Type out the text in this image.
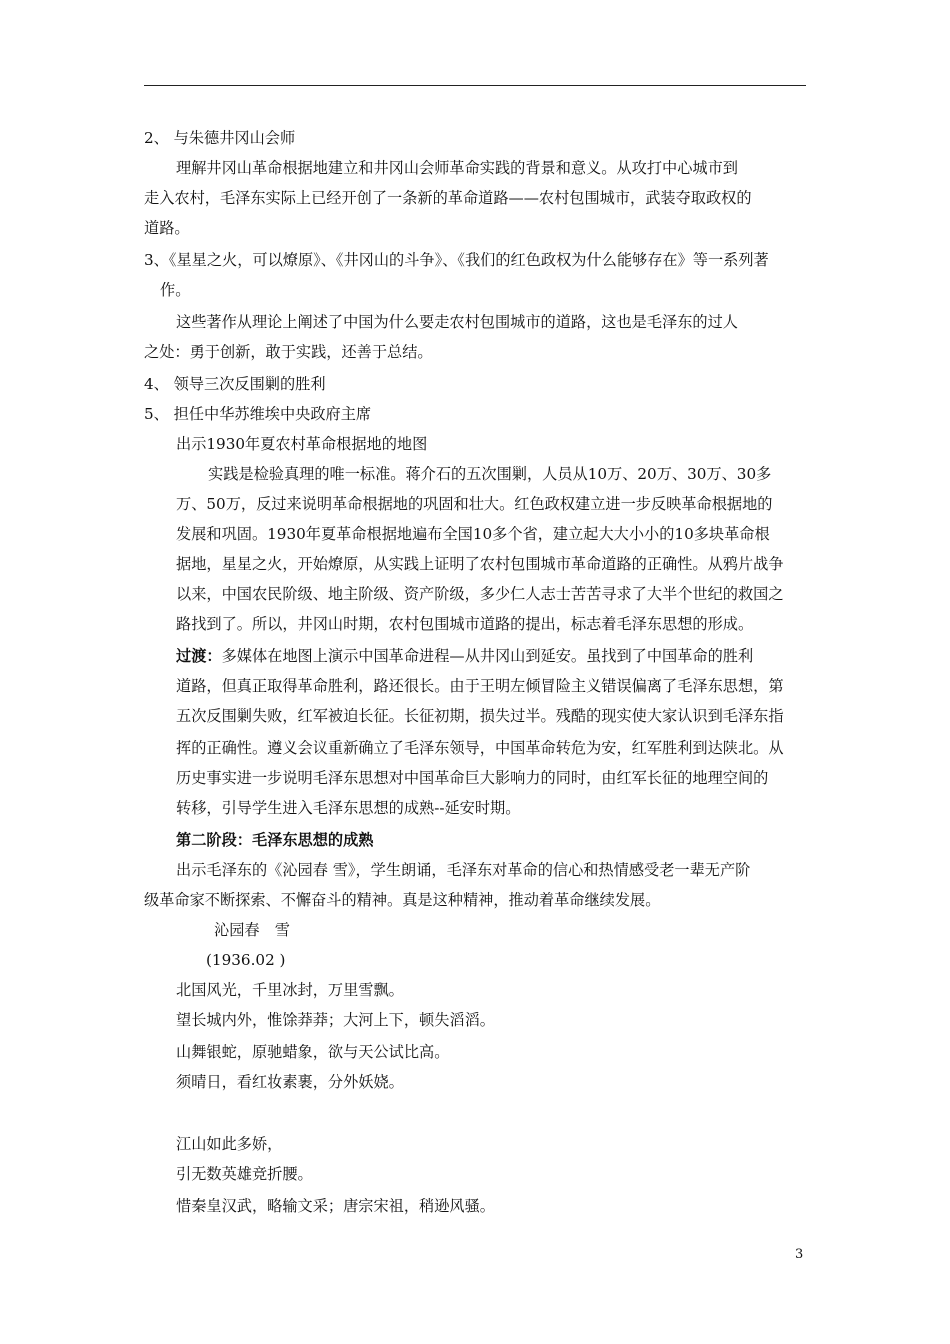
2、 与朱德井冈山会师
理解井冈山革命根据地建立和井冈山会师革命实践的背景和意义。从攻打中心城市到
走入农村，毛泽东实际上已经开创了一条新的革命道路——农村包围城市，武装夺取政权的
道路。
3、《星星之火，可以燎原》、《井冈山的斗争》、《我们的红色政权为什么能够存在》等一系列著
作。
这些著作从理论上阐述了中国为什么要走农村包围城市的道路，这也是毛泽东的过人
之处：勇于创新，敢于实践，还善于总结。
4、 领导三次反围剿的胜利
5、 担任中华苏维埃中央政府主席
出示1930年夏农村革命根据地的地图
实践是检验真理的唯一标准。蒋介石的五次围剿，人员从10万、20万、30万、30多
万、50万，反过来说明革命根据地的巩固和壮大。红色政权建立进一步反映革命根据地的
发展和巩固。1930年夏革命根据地遍布全国10多个省，建立起大大小小的10多块革命根
据地，星星之火，开始燎原，从实践上证明了农村包围城市革命道路的正确性。从鸦片战争
以来，中国农民阶级、地主阶级、资产阶级，多少仁人志士苦苦寻求了大半个世纪的救国之
路找到了。所以，井冈山时期，农村包围城市道路的提出，标志着毛泽东思想的形成。
过渡：多媒体在地图上演示中国革命进程—从井冈山到延安。虽找到了中国革命的胜利
道路，但真正取得革命胜利，路还很长。由于王明左倾冒险主义错误偏离了毛泽东思想，第
五次反围剿失败，红军被迫长征。长征初期，损失过半。残酷的现实使大家认识到毛泽东指
挥的正确性。遵义会议重新确立了毛泽东领导，中国革命转危为安，红军胜利到达陕北。从
历史事实进一步说明毛泽东思想对中国革命巨大影响力的同时，由红军长征的地理空间的
转移，引导学生进入毛泽东思想的成熟--延安时期。
第二阶段：毛泽东思想的成熟
出示毛泽东的《沁园春 雪》，学生朗诵，毛泽东对革命的信心和热情感受老一辈无产阶
级革命家不断探索、不懈奋斗的精神。真是这种精神，推动着革命继续发展。
沁园春　雪
(1936.02 )
北国风光，千里冰封，万里雪飘。
望长城内外，惟馀莽莽；大河上下，顿失滔滔。
山舞银蛇，原驰蜡象，欲与天公试比高。
须晴日，看红妆素裹，分外妖娆。
江山如此多娇，
引无数英雄竞折腰。
惜秦皇汉武，略输文采；唐宗宋祖，稍逊风骚。
3
